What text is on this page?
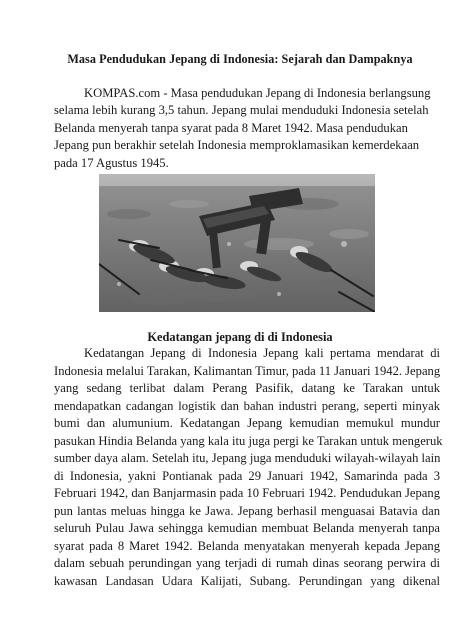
Masa Pendudukan Jepang di Indonesia: Sejarah dan Dampaknya
KOMPAS.com - Masa pendudukan Jepang di Indonesia berlangsung
selama lebih kurang 3,5 tahun. Jepang mulai menduduki Indonesia setelah
Belanda menyerah tanpa syarat pada 8 Maret 1942. Masa pendudukan
Jepang pun berakhir setelah Indonesia memproklamasikan kemerdekaan
pada 17 Agustus 1945.
Kedatangan jepang di di Indonesia
Kedatangan Jepang di Indonesia Jepang kali pertama mendarat di
Indonesia melalui Tarakan, Kalimantan Timur, pada 11 Januari 1942. Jepang
yang sedang terlibat dalam Perang Pasifik, datang ke Tarakan untuk
mendapatkan cadangan logistik dan bahan industri perang, seperti minyak
bumi dan alumunium. Kedatangan Jepang kemudian memukul mundur
pasukan Hindia Belanda yang kala itu juga pergi ke Tarakan untuk mengeruk
sumber daya alam. Setelah itu, Jepang juga menduduki wilayah-wilayah lain
di Indonesia, yakni Pontianak pada 29 Januari 1942, Samarinda pada 3
Februari 1942, dan Banjarmasin pada 10 Februari 1942. Pendudukan Jepang
pun lantas meluas hingga ke Jawa. Jepang berhasil menguasai Batavia dan
seluruh Pulau Jawa sehingga kemudian membuat Belanda menyerah tanpa
syarat pada 8 Maret 1942. Belanda menyatakan menyerah kepada Jepang
dalam sebuah perundingan yang terjadi di rumah dinas seorang perwira di
kawasan Landasan Udara Kalijati, Subang. Perundingan yang dikenal
